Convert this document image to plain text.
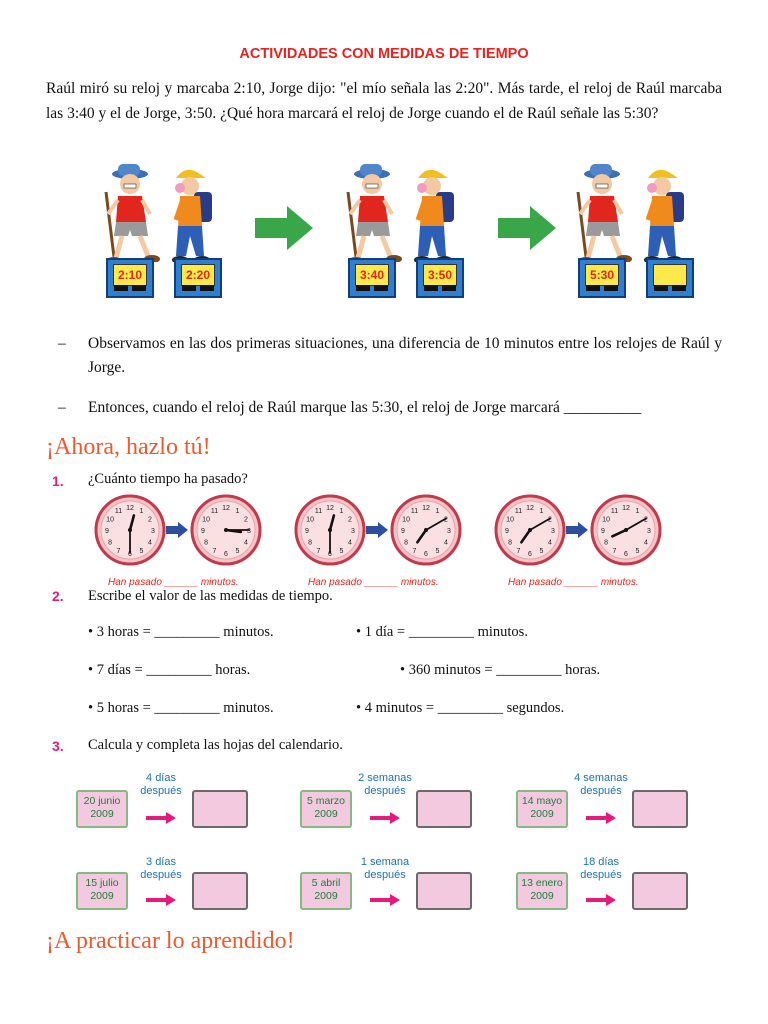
ACTIVIDADES CON MEDIDAS DE TIEMPO
Raúl miró su reloj y marcaba 2:10, Jorge dijo: "el mío señala las 2:20". Más tarde, el reloj de Raúl marcaba las 3:40 y el de Jorge, 3:50. ¿Qué hora marcará el reloj de Jorge cuando el de Raúl señale las 5:30?
2:10	2:20	3:40	3:50	5:30
– Observamos en las dos primeras situaciones, una diferencia de 10 minutos entre los relojes de Raúl y Jorge.
– Entonces, cuando el reloj de Raúl marque las 5:30, el reloj de Jorge marcará __________
¡Ahora, hazlo tú!
1. ¿Cuánto tiempo ha pasado?
1
2
3
4
5
6
7
8
9
10
11 12	1
2
3
4
5
6
7
8
9
10
11 12	1
2
3
4
5
6
7
8
9
10
11 12	1
2
3
4
5
6
7
8
9
10
11 12	1
2
3
4
5
6
7
8
9
10
11 12	1
2
3
4
5
6
7
8
9
10
11 12
Han pasado ______ minutos.	Han pasado ______ minutos.	Han pasado ______ minutos.
2. Escribe el valor de las medidas de tiempo.
• 3 horas = _________ minutos.	• 1 día = _________ minutos.
• 7 días = _________ horas.	• 360 minutos = _________ horas.
• 5 horas = _________ minutos.	• 4 minutos = _________ segundos.
3. Calcula y completa las hojas del calendario.
4 días
después
20 junio
2009
2 semanas
después
5 marzo
2009
4 semanas
después
14 mayo
2009
3 días
después
15 julio
2009
1 semana
después
5 abril
2009
18 días
después
13 enero
2009
¡A practicar lo aprendido!
